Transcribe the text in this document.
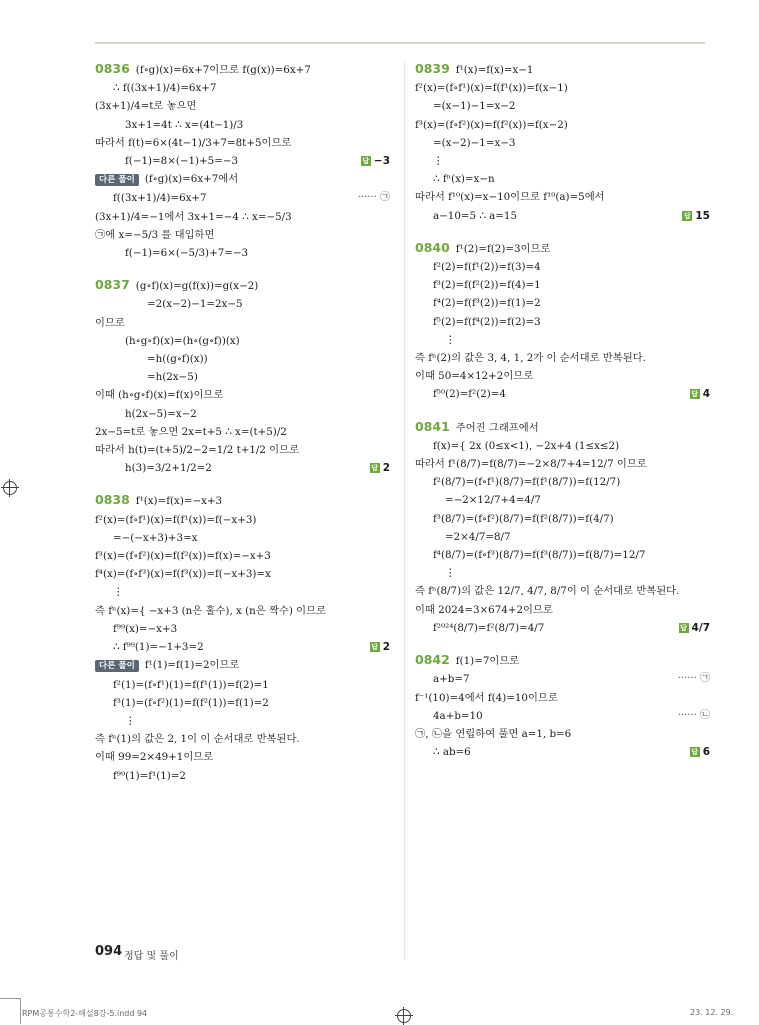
0836 (f∘g)(x)=6x+7이므로 f(g(x))=6x+7
∴ f((3x+1)/4)=6x+7
(3x+1)/4=t로 놓으면
3x+1=4t ∴ x=(4t−1)/3
따라서 f(t)=6×(4t−1)/3+7=8t+5이므로
f(−1)=8×(−1)+5=−3	답 −3
다른 풀이 (f∘g)(x)=6x+7에서
f((3x+1)/4)=6x+7	······ ㉠
(3x+1)/4=−1에서 3x+1=−4 ∴ x=−5/3
㉠에 x=−5/3 를 대입하면
f(−1)=6×(−5/3)+7=−3
0837 (g∘f)(x)=g(f(x))=g(x−2)
=2(x−2)−1=2x−5
이므로
(h∘g∘f)(x)=(h∘(g∘f))(x)
=h((g∘f)(x))
=h(2x−5)
이때 (h∘g∘f)(x)=f(x)이므로
h(2x−5)=x−2
2x−5=t로 놓으면 2x=t+5 ∴ x=(t+5)/2
따라서 h(t)=(t+5)/2−2=1/2 t+1/2 이므로
h(3)=3/2+1/2=2	답 2
0838 f¹(x)=f(x)=−x+3
f²(x)=(f∘f¹)(x)=f(f¹(x))=f(−x+3)
=−(−x+3)+3=x
f³(x)=(f∘f²)(x)=f(f²(x))=f(x)=−x+3
f⁴(x)=(f∘f³)(x)=f(f³(x))=f(−x+3)=x
⋮
즉 fⁿ(x)={ −x+3 (n은 홀수), x (n은 짝수) 이므로
f⁹⁹(x)=−x+3
∴ f⁹⁹(1)=−1+3=2	답 2
다른 풀이 f¹(1)=f(1)=2이므로
f²(1)=(f∘f¹)(1)=f(f¹(1))=f(2)=1
f³(1)=(f∘f²)(1)=f(f²(1))=f(1)=2
⋮
즉 fⁿ(1)의 값은 2, 1이 이 순서대로 반복된다.
이때 99=2×49+1이므로
f⁹⁹(1)=f¹(1)=2
0839 f¹(x)=f(x)=x−1
f²(x)=(f∘f¹)(x)=f(f¹(x))=f(x−1)
=(x−1)−1=x−2
f³(x)=(f∘f²)(x)=f(f²(x))=f(x−2)
=(x−2)−1=x−3
⋮
∴ fⁿ(x)=x−n
따라서 f¹⁰(x)=x−10이므로 f¹⁰(a)=5에서
a−10=5 ∴ a=15	답 15
0840 f¹(2)=f(2)=3이므로
f²(2)=f(f¹(2))=f(3)=4
f³(2)=f(f²(2))=f(4)=1
f⁴(2)=f(f³(2))=f(1)=2
f⁵(2)=f(f⁴(2))=f(2)=3
⋮
즉 fⁿ(2)의 값은 3, 4, 1, 2가 이 순서대로 반복된다.
이때 50=4×12+2이므로
f⁵⁰(2)=f²(2)=4	답 4
0841 주어진 그래프에서
f(x)={ 2x (0≤x<1), −2x+4 (1≤x≤2)
따라서 f¹(8/7)=f(8/7)=−2×8/7+4=12/7 이므로
f²(8/7)=(f∘f¹)(8/7)=f(f¹(8/7))=f(12/7)
=−2×12/7+4=4/7
f³(8/7)=(f∘f²)(8/7)=f(f²(8/7))=f(4/7)
=2×4/7=8/7
f⁴(8/7)=(f∘f³)(8/7)=f(f³(8/7))=f(8/7)=12/7
⋮
즉 fⁿ(8/7)의 값은 12/7, 4/7, 8/7이 이 순서대로 반복된다.
이때 2024=3×674+2이므로
f²⁰²⁴(8/7)=f²(8/7)=4/7	답 4/7
0842 f(1)=7이므로
a+b=7	······ ㉠
f⁻¹(10)=4에서 f(4)=10이므로
4a+b=10	······ ㉡
㉠, ㉡을 연립하여 풀면 a=1, b=6
∴ ab=6	답 6
094 정답 및 풀이
RPM공통수학2-해설8강-5.indd 94	23. 12. 29.
